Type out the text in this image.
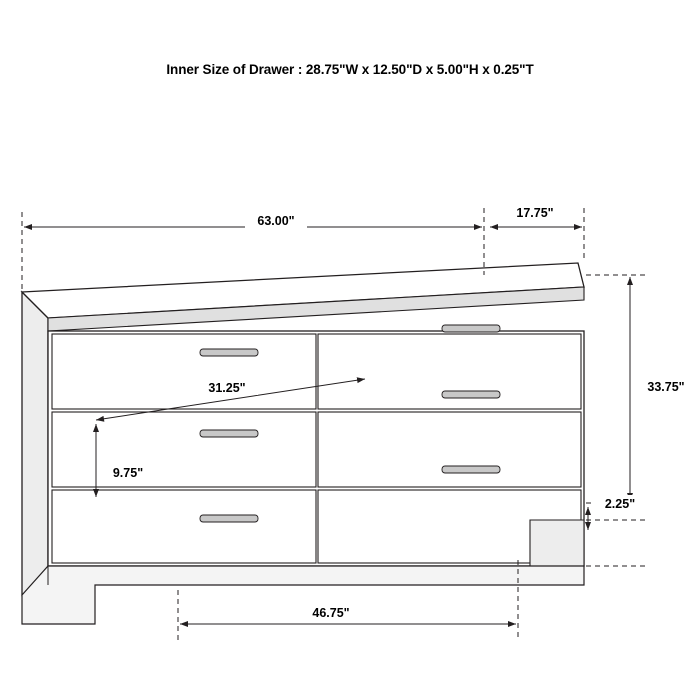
Inner Size of Drawer : 28.75"W x 12.50"D x 5.00"H x 0.25"T
63.00"
17.75"
33.75"
2.25"
31.25"
9.75"
46.75"
